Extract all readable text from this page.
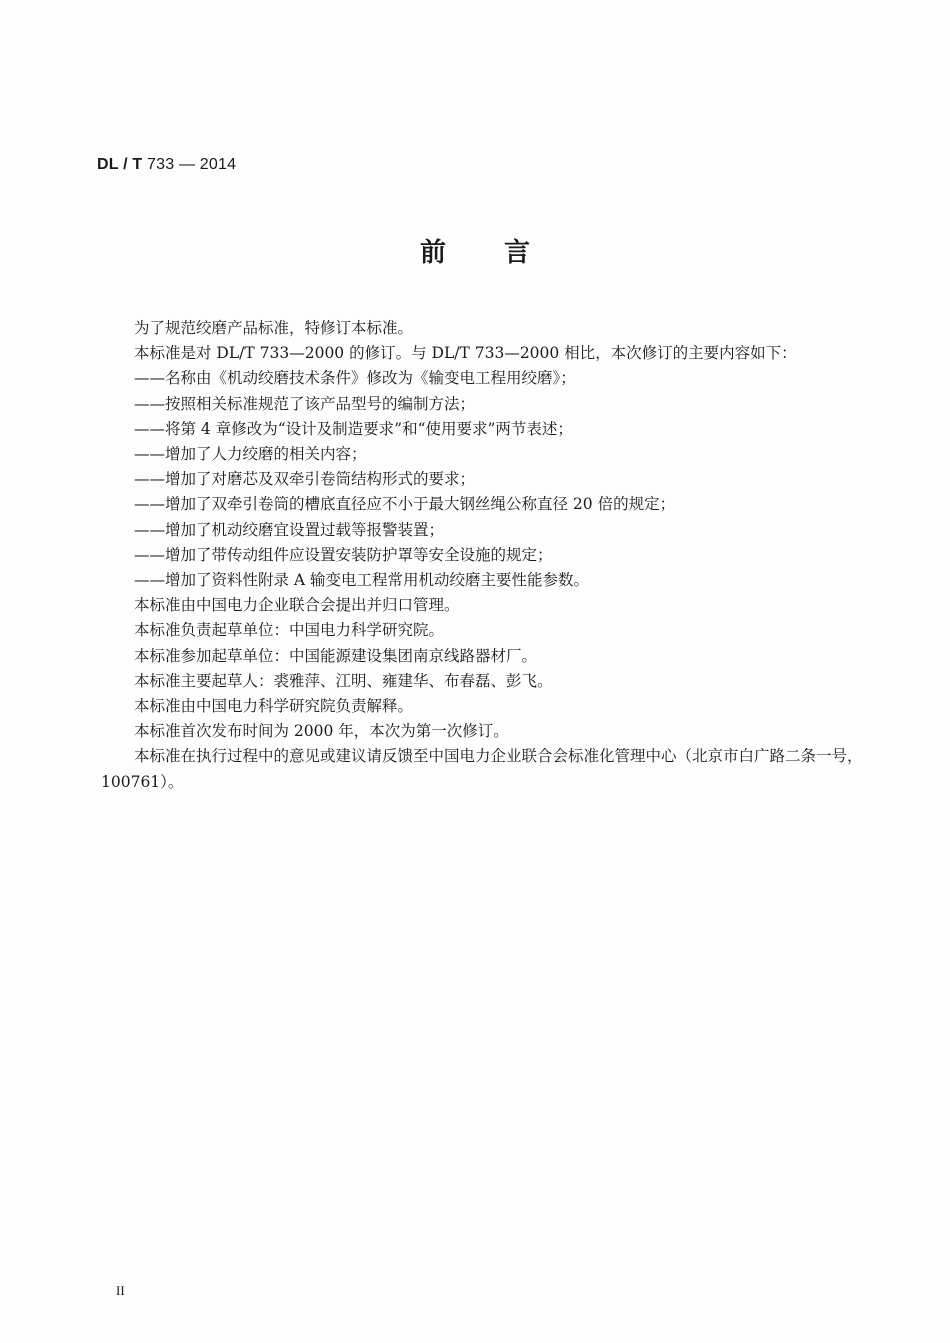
DL / T 733 — 2014
前言

为了规范绞磨产品标准，特修订本标准。

本标准是对 DL/T 733—2000 的修订。与 DL/T 733—2000 相比，本次修订的主要内容如下：

——名称由《机动绞磨技术条件》修改为《输变电工程用绞磨》；

——按照相关标准规范了该产品型号的编制方法；

——将第 4 章修改为“设计及制造要求”和“使用要求”两节表述；

——增加了人力绞磨的相关内容；

——增加了对磨芯及双牵引卷筒结构形式的要求；

——增加了双牵引卷筒的槽底直径应不小于最大钢丝绳公称直径 20 倍的规定；

——增加了机动绞磨宜设置过载等报警装置；

——增加了带传动组件应设置安装防护罩等安全设施的规定；

——增加了资料性附录 A 输变电工程常用机动绞磨主要性能参数。

本标准由中国电力企业联合会提出并归口管理。

本标准负责起草单位：中国电力科学研究院。

本标准参加起草单位：中国能源建设集团南京线路器材厂。

本标准主要起草人：裘雅萍、江明、雍建华、布春磊、彭飞。

本标准由中国电力科学研究院负责解释。

本标准首次发布时间为 2000 年，本次为第一次修订。

本标准在执行过程中的意见或建议请反馈至中国电力企业联合会标准化管理中心（北京市白广路二条一号，100761）。

II
